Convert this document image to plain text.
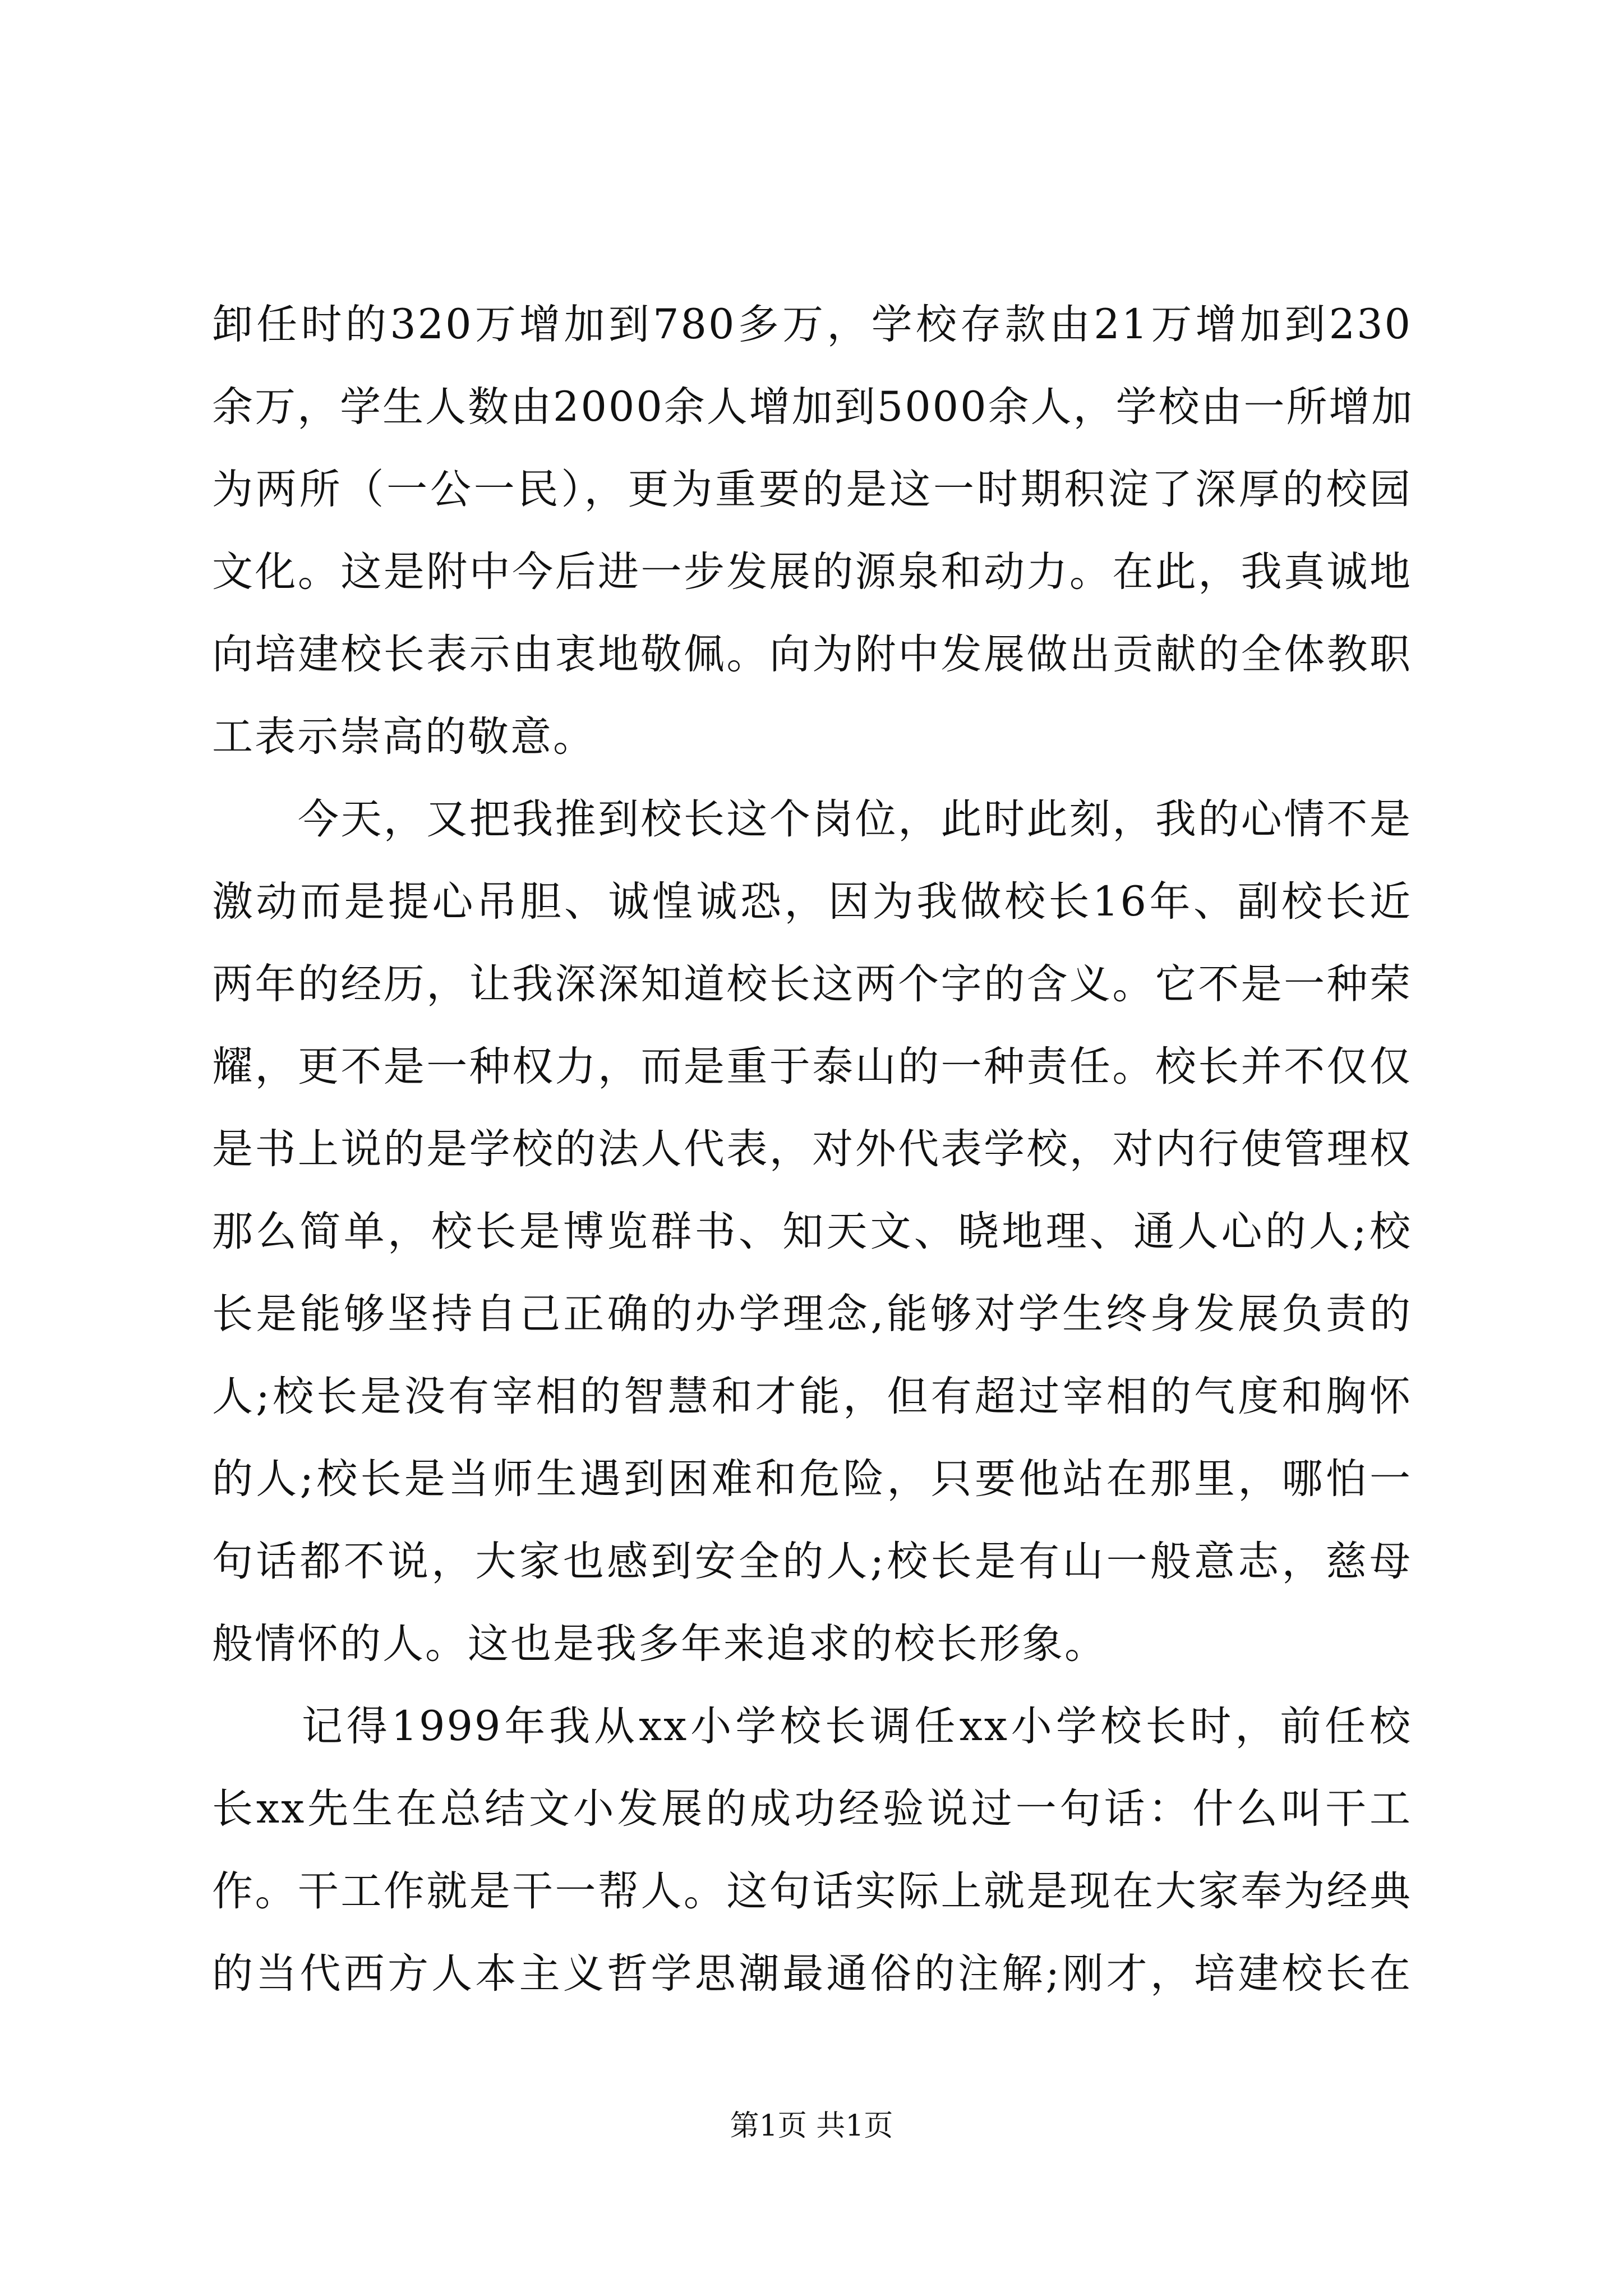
卸任时的320万增加到780多万，学校存款由21万增加到230
余万，学生人数由2000余人增加到5000余人，学校由一所增加
为两所（一公一民），更为重要的是这一时期积淀了深厚的校园
文化。这是附中今后进一步发展的源泉和动力。在此，我真诚地
向培建校长表示由衷地敬佩。向为附中发展做出贡献的全体教职
工表示崇高的敬意。
　　今天，又把我推到校长这个岗位，此时此刻，我的心情不是
激动而是提心吊胆、诚惶诚恐，因为我做校长16年、副校长近
两年的经历，让我深深知道校长这两个字的含义。它不是一种荣
耀，更不是一种权力，而是重于泰山的一种责任。校长并不仅仅
是书上说的是学校的法人代表，对外代表学校，对内行使管理权
那么简单，校长是博览群书、知天文、晓地理、通人心的人;校
长是能够坚持自己正确的办学理念,能够对学生终身发展负责的
人;校长是没有宰相的智慧和才能，但有超过宰相的气度和胸怀
的人;校长是当师生遇到困难和危险，只要他站在那里，哪怕一
句话都不说，大家也感到安全的人;校长是有山一般意志，慈母
般情怀的人。这也是我多年来追求的校长形象。
　　记得1999年我从xx小学校长调任xx小学校长时，前任校
长xx先生在总结文小发展的成功经验说过一句话：什么叫干工
作。干工作就是干一帮人。这句话实际上就是现在大家奉为经典
的当代西方人本主义哲学思潮最通俗的注解;刚才，培建校长在
第1页 共1页
